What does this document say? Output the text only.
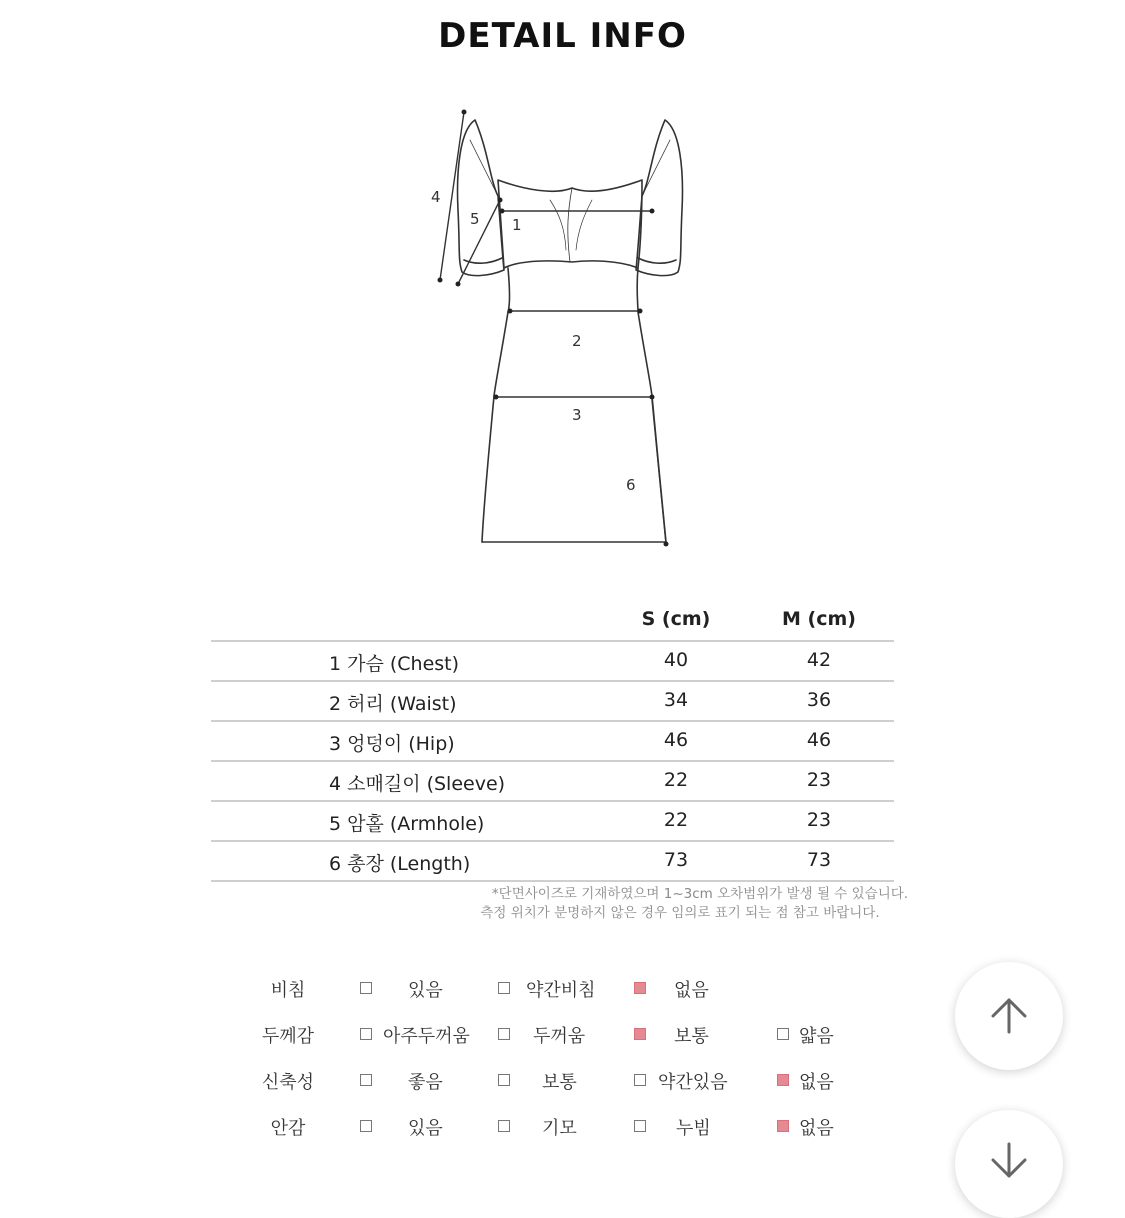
DETAIL INFO
1
2
3
4
5
6
S (cm)	M (cm)
1 가슴 (Chest)	40	42
2 허리 (Waist)	34	36
3 엉덩이 (Hip)	46	46
4 소매길이 (Sleeve)	22	23
5 암홀 (Armhole)	22	23
6 총장 (Length)	73	73
*단면사이즈로 기재하였으며 1~3cm 오차범위가 발생 될 수 있습니다.
측정 위치가 분명하지 않은 경우 임의로 표기 되는 점 참고 바랍니다.
비침	있음	약간비침	없음
두께감	아주두꺼움	두꺼움	보통	얇음
신축성	좋음	보통	약간있음	없음
안감	있음	기모	누빔	없음
